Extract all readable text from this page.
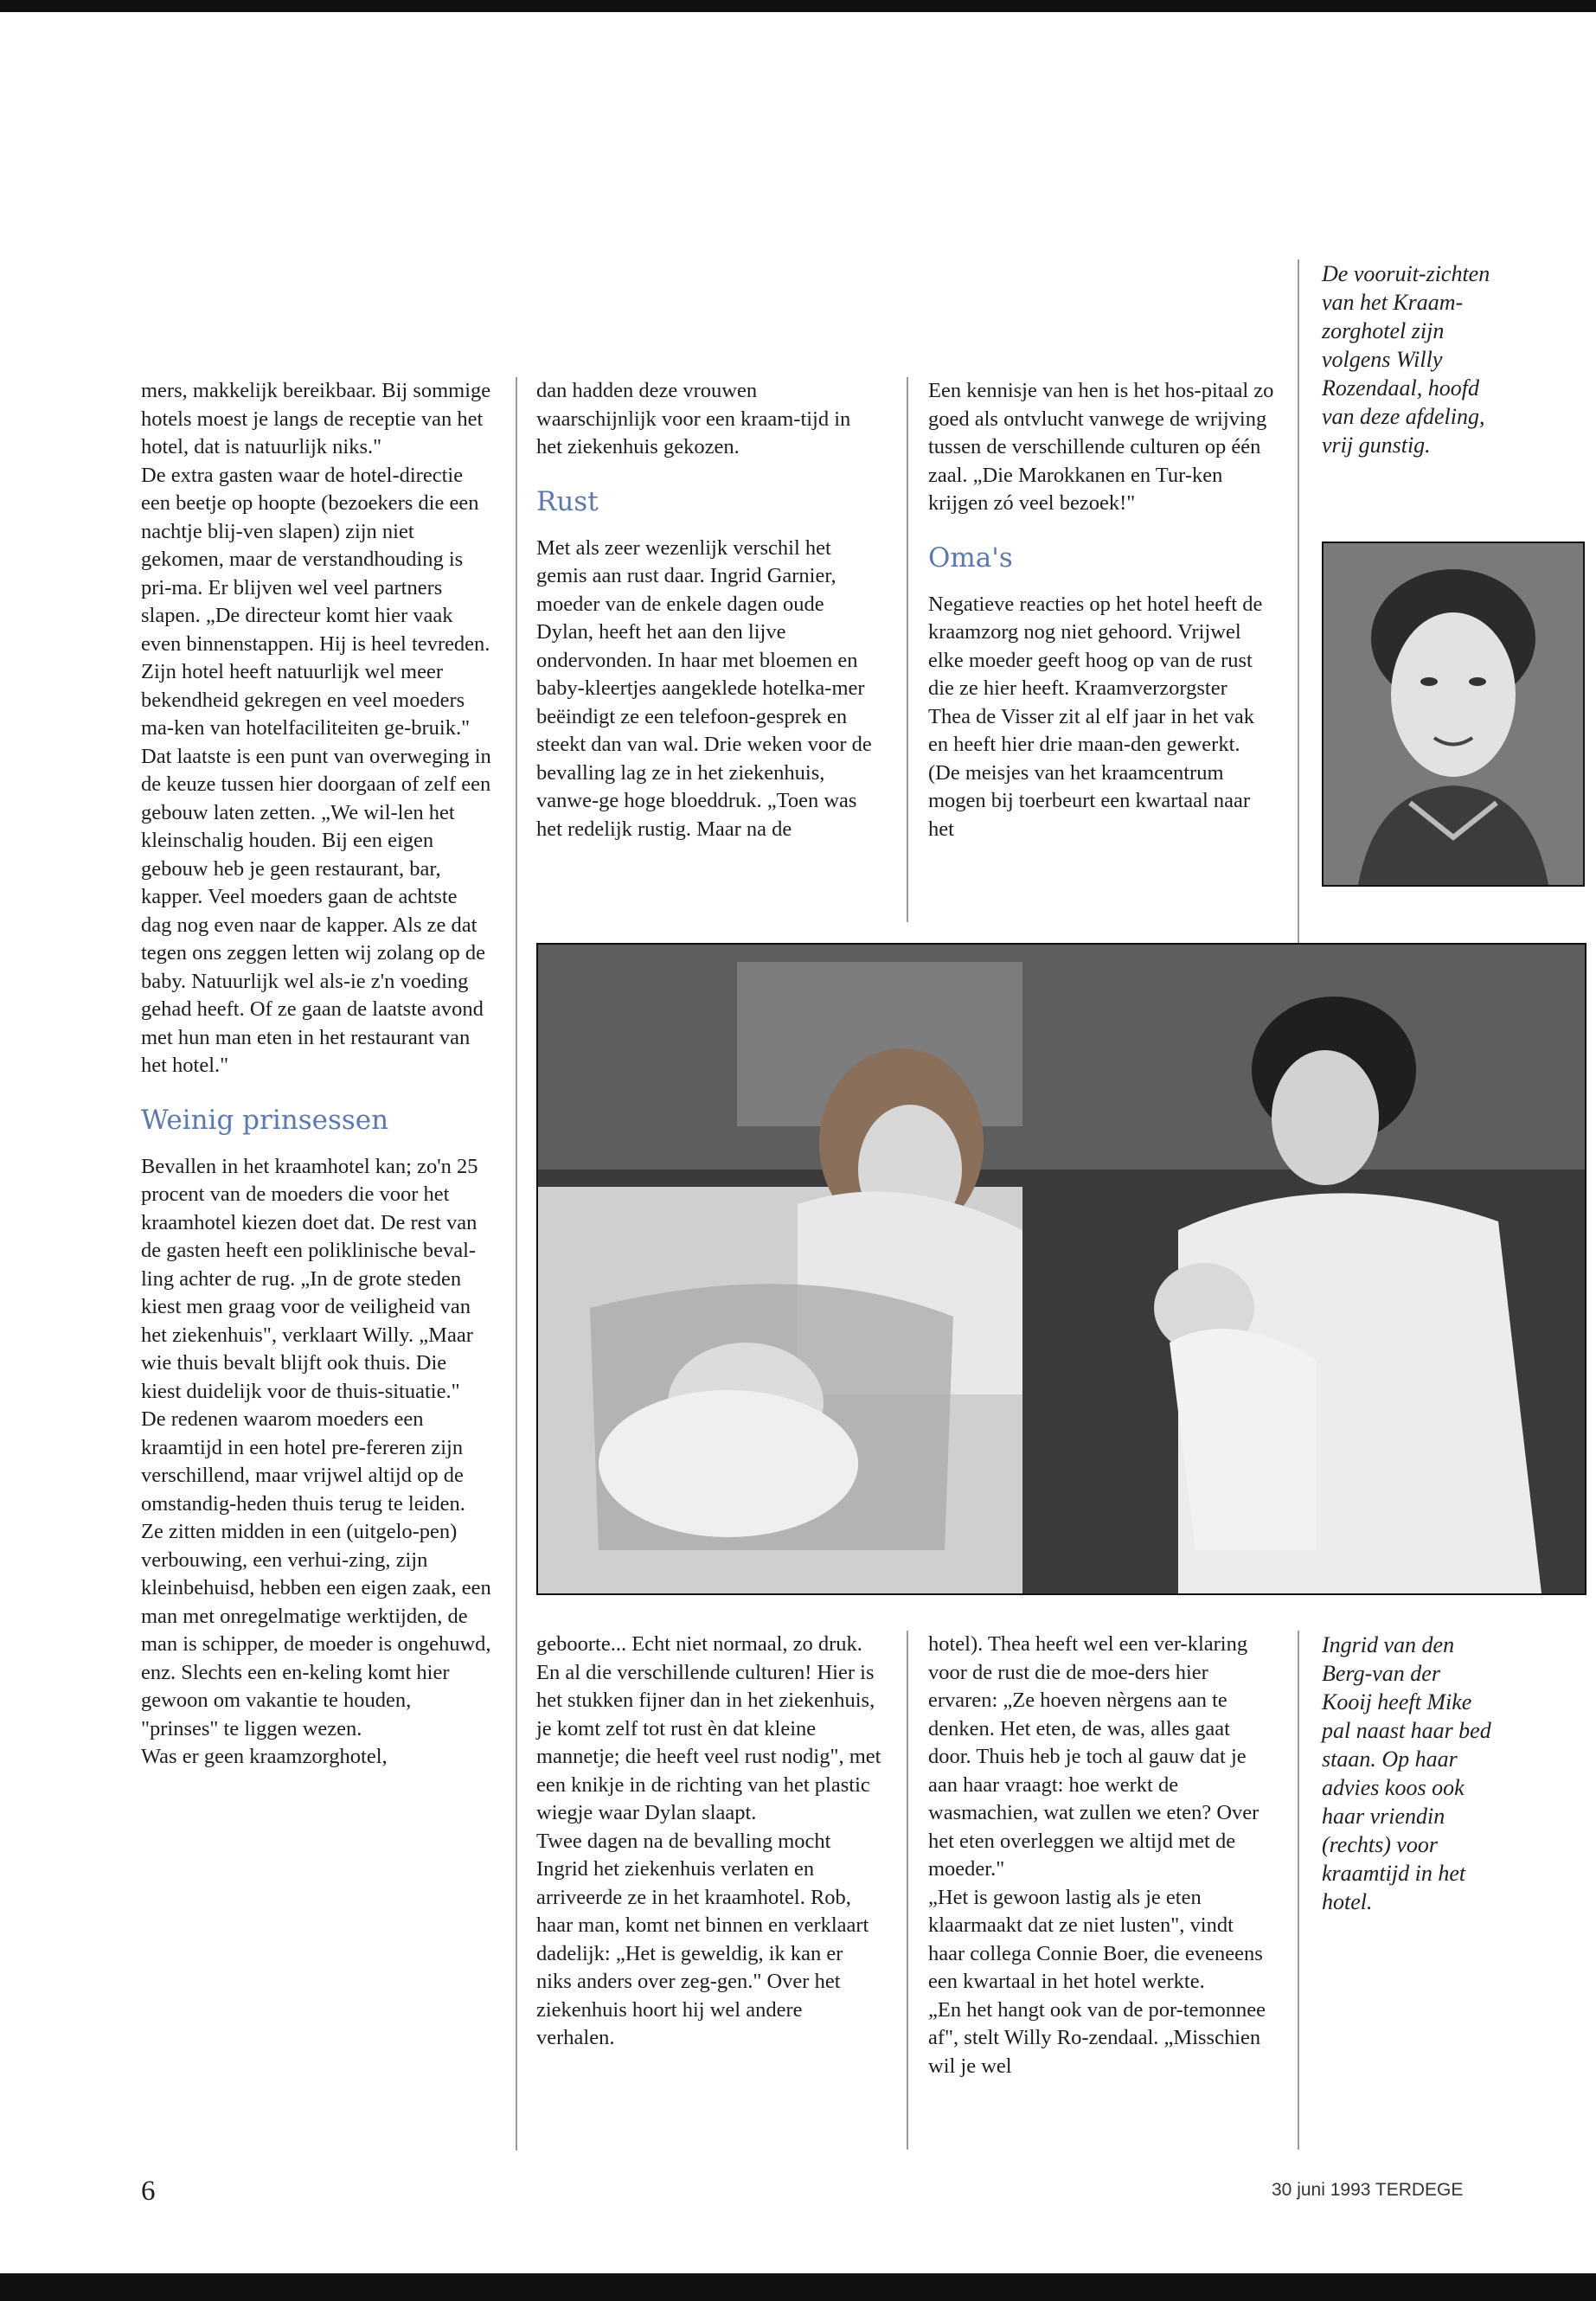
De vooruit-zichten van het Kraam-zorghotel zijn volgens Willy Rozendaal, hoofd van deze afdeling, vrij gunstig.

mers, makkelijk bereikbaar. Bij sommige hotels moest je langs de receptie van het hotel, dat is natuurlijk niks."

De extra gasten waar de hotel-directie een beetje op hoopte (bezoekers die een nachtje blij-ven slapen) zijn niet gekomen, maar de verstandhouding is pri-ma. Er blijven wel veel partners slapen. „De directeur komt hier vaak even binnenstappen. Hij is heel tevreden. Zijn hotel heeft natuurlijk wel meer bekendheid gekregen en veel moeders ma-ken van hotelfaciliteiten ge-bruik." Dat laatste is een punt van overweging in de keuze tussen hier doorgaan of zelf een gebouw laten zetten. „We wil-len het kleinschalig houden. Bij een eigen gebouw heb je geen restaurant, bar, kapper. Veel moeders gaan de achtste dag nog even naar de kapper. Als ze dat tegen ons zeggen letten wij zolang op de baby. Natuurlijk wel als-ie z'n voeding gehad heeft. Of ze gaan de laatste avond met hun man eten in het restaurant van het hotel."

Weinig prinsessen

Bevallen in het kraamhotel kan; zo'n 25 procent van de moeders die voor het kraamhotel kiezen doet dat. De rest van de gasten heeft een poliklinische beval-ling achter de rug. „In de grote steden kiest men graag voor de veiligheid van het ziekenhuis", verklaart Willy. „Maar wie thuis bevalt blijft ook thuis. Die kiest duidelijk voor de thuis-situatie."

De redenen waarom moeders een kraamtijd in een hotel pre-fereren zijn verschillend, maar vrijwel altijd op de omstandig-heden thuis terug te leiden. Ze zitten midden in een (uitgelo-pen) verbouwing, een verhui-zing, zijn kleinbehuisd, hebben een eigen zaak, een man met onregelmatige werktijden, de man is schipper, de moeder is ongehuwd, enz. Slechts een en-keling komt hier gewoon om vakantie te houden, "prinses" te liggen wezen.

Was er geen kraamzorghotel,

dan hadden deze vrouwen waarschijnlijk voor een kraam-tijd in het ziekenhuis gekozen.

Rust

Met als zeer wezenlijk verschil het gemis aan rust daar. Ingrid Garnier, moeder van de enkele dagen oude Dylan, heeft het aan den lijve ondervonden. In haar met bloemen en baby-kleertjes aangeklede hotelka-mer beëindigt ze een telefoon-gesprek en steekt dan van wal. Drie weken voor de bevalling lag ze in het ziekenhuis, vanwe-ge hoge bloeddruk. „Toen was het redelijk rustig. Maar na de

Een kennisje van hen is het hos-pitaal zo goed als ontvlucht vanwege de wrijving tussen de verschillende culturen op één zaal. „Die Marokkanen en Tur-ken krijgen zó veel bezoek!"

Oma's

Negatieve reacties op het hotel heeft de kraamzorg nog niet gehoord. Vrijwel elke moeder geeft hoog op van de rust die ze hier heeft. Kraamverzorgster Thea de Visser zit al elf jaar in het vak en heeft hier drie maan-den gewerkt. (De meisjes van het kraamcentrum mogen bij toerbeurt een kwartaal naar het

geboorte... Echt niet normaal, zo druk. En al die verschillende culturen! Hier is het stukken fijner dan in het ziekenhuis, je komt zelf tot rust èn dat kleine mannetje; die heeft veel rust nodig", met een knikje in de richting van het plastic wiegje waar Dylan slaapt.

Twee dagen na de bevalling mocht Ingrid het ziekenhuis verlaten en arriveerde ze in het kraamhotel. Rob, haar man, komt net binnen en verklaart dadelijk: „Het is geweldig, ik kan er niks anders over zeg-gen." Over het ziekenhuis hoort hij wel andere verhalen.

hotel). Thea heeft wel een ver-klaring voor de rust die de moe-ders hier ervaren: „Ze hoeven nèrgens aan te denken. Het eten, de was, alles gaat door. Thuis heb je toch al gauw dat je aan haar vraagt: hoe werkt de wasmachien, wat zullen we eten? Over het eten overleggen we altijd met de moeder."

„Het is gewoon lastig als je eten klaarmaakt dat ze niet lusten", vindt haar collega Connie Boer, die eveneens een kwartaal in het hotel werkte.

„En het hangt ook van de por-temonnee af", stelt Willy Ro-zendaal. „Misschien wil je wel

Ingrid van den Berg-van der Kooij heeft Mike pal naast haar bed staan. Op haar advies koos ook haar vriendin (rechts) voor kraamtijd in het hotel.
6	30 juni 1993 TERDEGE
